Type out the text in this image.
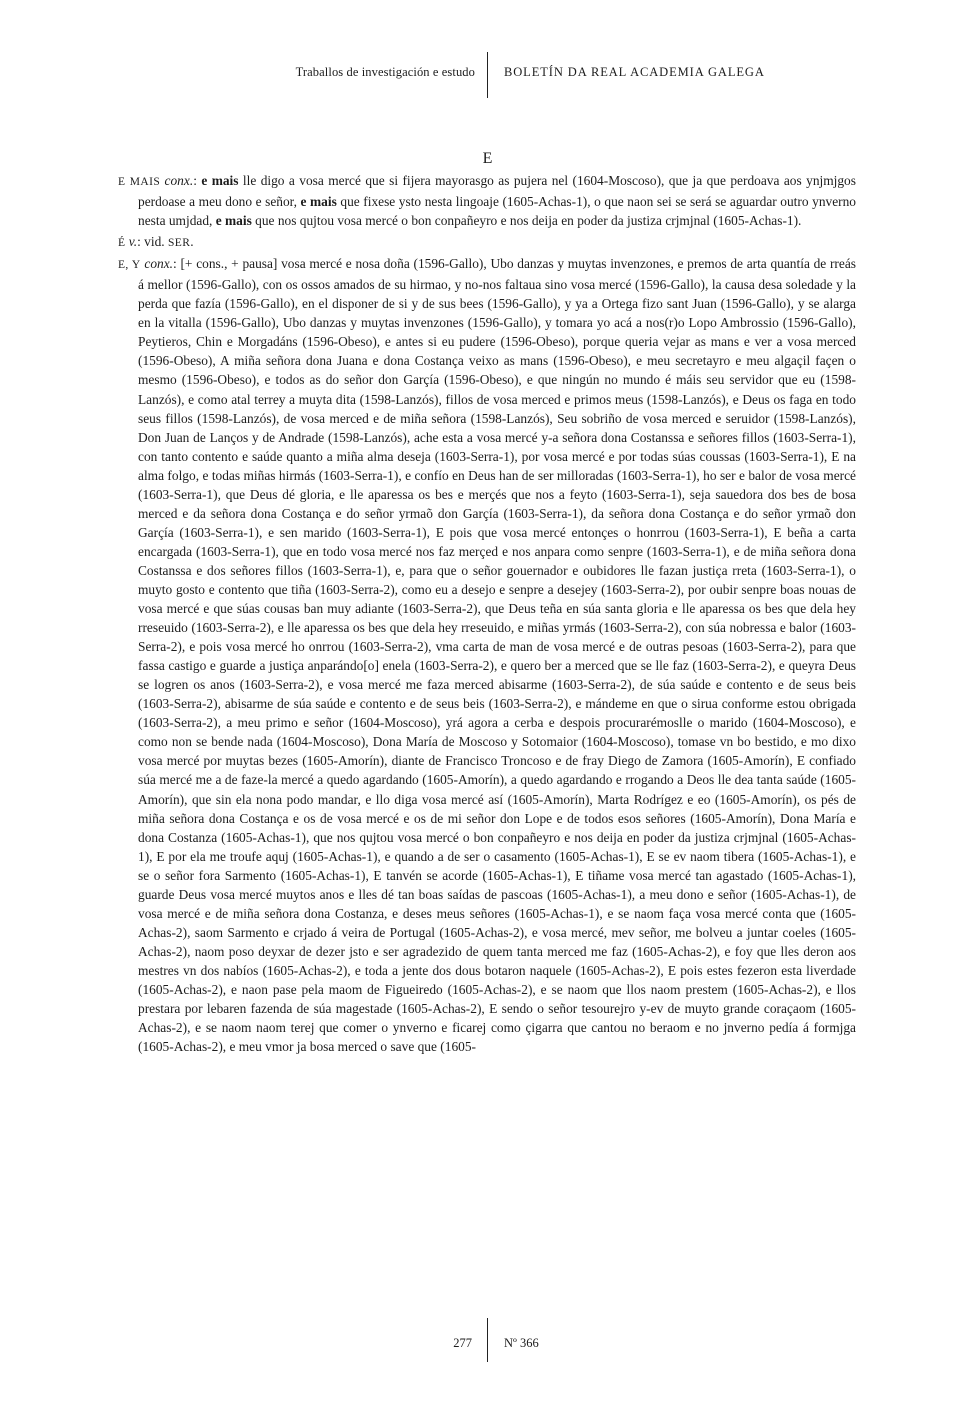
Traballos de investigación e estudo BOLETÍN DA REAL ACADEMIA GALEGA
E

E MAIS conx.: e mais lle digo a vosa mercé que si fijera mayorasgo as pujera nel (1604-Moscoso), que ja que perdoava aos ynjmjgos perdoase a meu dono e señor, e mais que fixese ysto nesta lingoaje (1605-Achas-1), o que naon sei se será se aguardar outro ynverno nesta umjdad, e mais que nos qujtou vosa mercé o bon conpañeyro e nos deija en poder da justiza crjmjnal (1605-Achas-1).

É v.: vid. SER.

E, Y conx.: [+ cons., + pausa] vosa mercé e nosa doña (1596-Gallo), Ubo danzas y muytas invenzones, e premos de arta quantía de rreás á mellor (1596-Gallo), con os ossos amados de su hirmao, y no-nos faltaua sino vosa mercé (1596-Gallo), la causa desa soledade y la perda que fazía (1596-Gallo), en el disponer de si y de sus bees (1596-Gallo), y ya a Ortega fizo sant Juan (1596-Gallo), y se alarga en la vitalla (1596-Gallo), Ubo danzas y muytas invenzones (1596-Gallo), y tomara yo acá a nos(r)o Lopo Ambrossio (1596-Gallo), Peytieros, Chin e Morgadáns (1596-Obeso), e antes si eu pudere (1596-Obeso), porque queria vejar as mans e ver a vosa merced (1596-Obeso), A miña señora dona Juana e dona Costança veixo as mans (1596-Obeso), e meu secretayro e meu algaçil façen o mesmo (1596-Obeso), e todos as do señor don Garçía (1596-Obeso), e que ningún no mundo é máis seu servidor que eu (1598-Lanzós), e como atal terrey a muyta dita (1598-Lanzós), fillos de vosa merced e primos meus (1598-Lanzós), e Deus os faga en todo seus fillos (1598-Lanzós), de vosa merced e de miña señora (1598-Lanzós), Seu sobriño de vosa merced e seruidor (1598-Lanzós), Don Juan de Lanços y de Andrade (1598-Lanzós), ache esta a vosa mercé y-a señora dona Costanssa e señores fillos (1603-Serra-1), con tanto contento e saúde quanto a miña alma deseja (1603-Serra-1), por vosa mercé e por todas súas coussas (1603-Serra-1), E na alma folgo, e todas miñas hirmás (1603-Serra-1), e confío en Deus han de ser milloradas (1603-Serra-1), ho ser e balor de vosa mercé (1603-Serra-1), que Deus dé gloria, e lle aparessa os bes e merçés que nos a feyto (1603-Serra-1), seja sauedora dos bes de bosa merced e da señora dona Costança e do señor yrmaõ don Garçía (1603-Serra-1), da señora dona Costança e do señor yrmaõ don Garçía (1603-Serra-1), e sen marido (1603-Serra-1), E pois que vosa mercé entonçes o honrrou (1603-Serra-1), E beña a carta encargada (1603-Serra-1), que en todo vosa mercé nos faz merçed e nos anpara como senpre (1603-Serra-1), e de miña señora dona Costanssa e dos señores fillos (1603-Serra-1), e, para que o señor gouernador e oubidores lle fazan justiça rreta (1603-Serra-1), o muyto gosto e contento que tiña (1603-Serra-2), como eu a desejo e senpre a desejey (1603-Serra-2), por oubir senpre boas nouas de vosa mercé e que súas cousas ban muy adiante (1603-Serra-2), que Deus teña en súa santa gloria e lle aparessa os bes que dela hey rreseuido (1603-Serra-2), e lle aparessa os bes que dela hey rreseuido, e miñas yrmás (1603-Serra-2), con súa nobressa e balor (1603-Serra-2), e pois vosa mercé ho onrrou (1603-Serra-2), vma carta de man de vosa mercé e de outras pesoas (1603-Serra-2), para que fassa castigo e guarde a justiça anparándo[o] enela (1603-Serra-2), e quero ber a merced que se lle faz (1603-Serra-2), e queyra Deus se logren os anos (1603-Serra-2), e vosa mercé me faza merced abisarme (1603-Serra-2), de súa saúde e contento e de seus beis (1603-Serra-2), abisarme de súa saúde e contento e de seus beis (1603-Serra-2), e mándeme en que o sirua conforme estou obrigada (1603-Serra-2), a meu primo e señor (1604-Moscoso), yrá agora a cerba e despois procurarémoslle o marido (1604-Moscoso), e como non se bende nada (1604-Moscoso), Dona María de Moscoso y Sotomaior (1604-Moscoso), tomase vn bo bestido, e mo dixo vosa mercé por muytas bezes (1605-Amorín), diante de Francisco Troncoso e de fray Diego de Zamora (1605-Amorín), E confiado súa mercé me a de faze-la mercé a quedo agardando (1605-Amorín), a quedo agardando e rrogando a Deos lle dea tanta saúde (1605-Amorín), que sin ela nona podo mandar, e llo diga vosa mercé así (1605-Amorín), Marta Rodrígez e eo (1605-Amorín), os pés de miña señora dona Costança e os de vosa mercé e os de mi señor don Lope e de todos esos señores (1605-Amorín), Dona María e dona Costanza (1605-Achas-1), que nos qujtou vosa mercé o bon conpañeyro e nos deija en poder da justiza crjmjnal (1605-Achas-1), E por ela me troufe aquj (1605-Achas-1), e quando a de ser o casamento (1605-Achas-1), E se ev naom tibera (1605-Achas-1), e se o señor fora Sarmento (1605-Achas-1), E tanvén se acorde (1605-Achas-1), E tiñame vosa mercé tan agastado (1605-Achas-1), guarde Deus vosa mercé muytos anos e lles dé tan boas saídas de pascoas (1605-Achas-1), a meu dono e señor (1605-Achas-1), de vosa mercé e de miña señora dona Costanza, e deses meus señores (1605-Achas-1), e se naom faça vosa mercé conta que (1605-Achas-2), saom Sarmento e crjado á veira de Portugal (1605-Achas-2), e vosa mercé, mev señor, me bolveu a juntar coeles (1605-Achas-2), naom poso deyxar de dezer jsto e ser agradezido de quem tanta merced me faz (1605-Achas-2), e foy que lles deron aos mestres vn dos nabíos (1605-Achas-2), e toda a jente dos dous botaron naquele (1605-Achas-2), E pois estes fezeron esta liverdade (1605-Achas-2), e naon pase pela maom de Figueiredo (1605-Achas-2), e se naom que llos naom prestem (1605-Achas-2), e llos prestara por lebaren fazenda de súa magestade (1605-Achas-2), E sendo o señor tesourejro y-ev de muyto grande coraçaom (1605-Achas-2), e se naom naom terej que comer o ynverno e ficarej como çigarra que cantou no beraom e no jnverno pedía á formjga (1605-Achas-2), e meu vmor ja bosa merced o save que (1605-

277	Nº 366
